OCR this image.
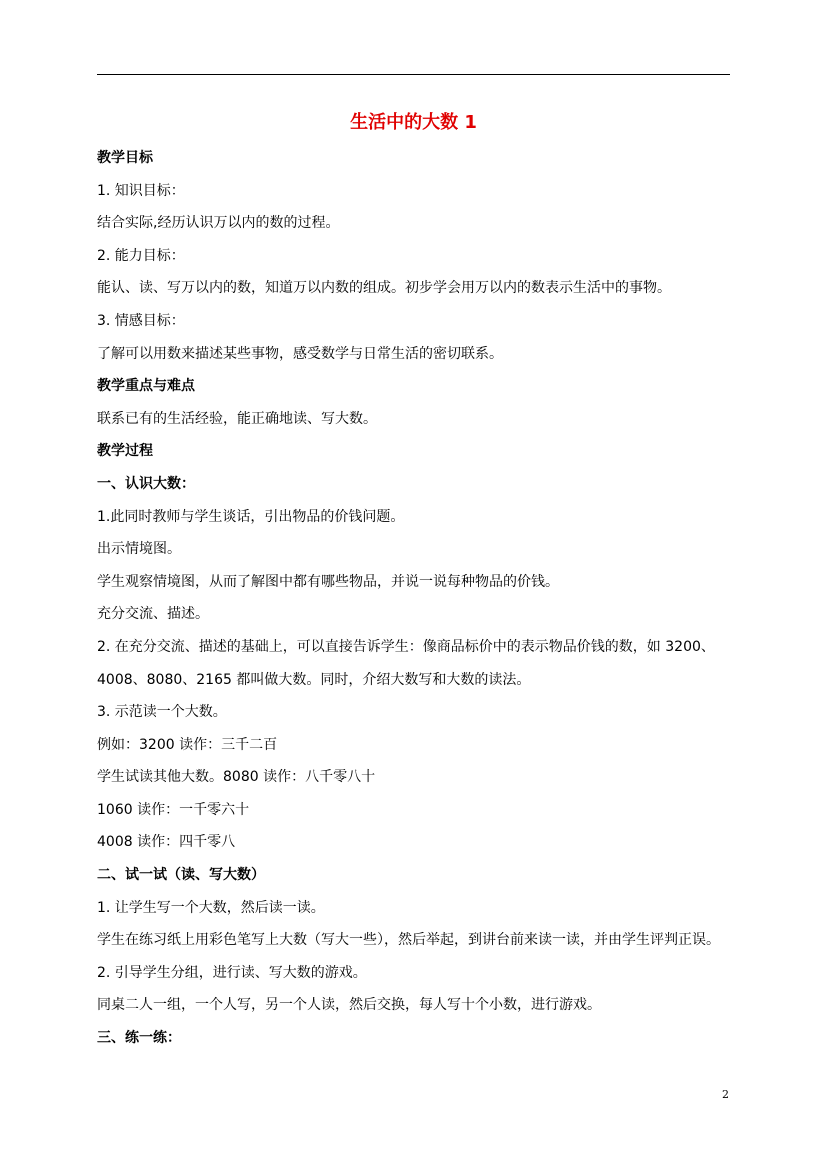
生活中的大数 1
教学目标
1. 知识目标：
结合实际,经历认识万以内的数的过程。
2. 能力目标：
能认、读、写万以内的数，知道万以内数的组成。初步学会用万以内的数表示生活中的事物。
3. 情感目标：
了解可以用数来描述某些事物，感受数学与日常生活的密切联系。
教学重点与难点
联系已有的生活经验，能正确地读、写大数。
教学过程
一、认识大数：
1.此同时教师与学生谈话，引出物品的价钱问题。
出示情境图。
学生观察情境图，从而了解图中都有哪些物品，并说一说每种物品的价钱。
充分交流、描述。
2. 在充分交流、描述的基础上，可以直接告诉学生：像商品标价中的表示物品价钱的数，如 3200、
4008、8080、2165 都叫做大数。同时，介绍大数写和大数的读法。
3. 示范读一个大数。
例如：3200 读作：三千二百
学生试读其他大数。8080 读作：八千零八十
1060 读作：一千零六十
4008 读作：四千零八
二、试一试（读、写大数）
1. 让学生写一个大数，然后读一读。
学生在练习纸上用彩色笔写上大数（写大一些），然后举起，到讲台前来读一读，并由学生评判正误。
2. 引导学生分组，进行读、写大数的游戏。
同桌二人一组，一个人写，另一个人读，然后交换，每人写十个小数，进行游戏。
三、练一练：
2
